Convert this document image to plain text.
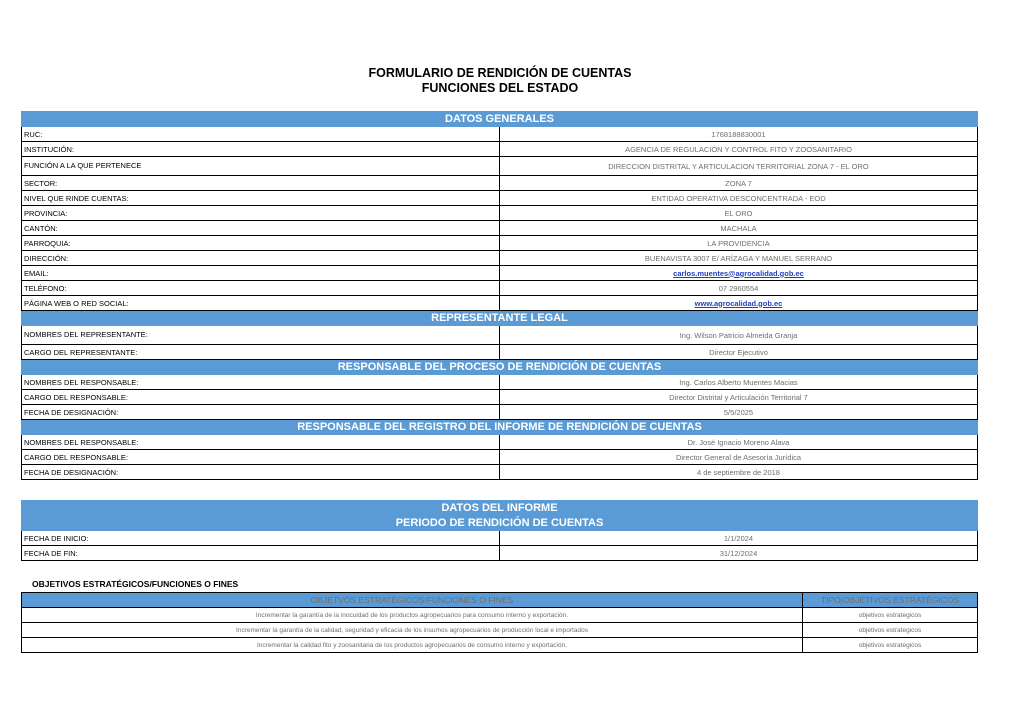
FORMULARIO DE RENDICIÓN DE CUENTAS
FUNCIONES DEL ESTADO
DATOS GENERALES	
RUC:	1768188830001
INSTITUCIÓN:	AGENCIA DE REGULACIÓN Y CONTROL FITO Y ZOOSANITARIO
FUNCIÓN A LA QUE PERTENECE	DIRECCION DISTRITAL Y ARTICULACION TERRITORIAL ZONA 7 - EL ORO
SECTOR:	ZONA 7
NIVEL QUE RINDE CUENTAS:	ENTIDAD OPERATIVA DESCONCENTRADA - EOD
PROVINCIA:	EL ORO
CANTÓN:	MACHALA
PARROQUIA:	LA PROVIDENCIA
DIRECCIÓN:	BUENAVISTA 3007 E/ ARÍZAGA Y MANUEL SERRANO
EMAIL:	carlos.muentes@agrocalidad.gob.ec
TELÉFONO:	07 2960554
PÁGINA WEB O RED SOCIAL:	www.agrocalidad.gob.ec
REPRESENTANTE LEGAL	
NOMBRES DEL REPRESENTANTE:	Ing. Wilson Patricio Almeida Granja
CARGO DEL REPRESENTANTE:	Director Ejecutivo
RESPONSABLE DEL PROCESO DE RENDICIÓN DE CUENTAS	
NOMBRES DEL RESPONSABLE:	Ing. Carlos Alberto Muentes Macias
CARGO DEL RESPONSABLE:	Director Distrital y Articulación Territorial 7
FECHA DE DESIGNACIÓN:	5/5/2025
RESPONSABLE DEL REGISTRO DEL INFORME DE RENDICIÓN DE CUENTAS	
NOMBRES DEL RESPONSABLE:	Dr. José Ignacio Moreno Alava
CARGO DEL RESPONSABLE:	Director General de Asesoría Jurídica
FECHA DE DESIGNACIÓN:	4 de septiembre de 2018
DATOS DEL INFORME	
PERIODO DE RENDICIÓN DE CUENTAS	
FECHA DE INICIO:	1/1/2024
FECHA DE FIN:	31/12/2024
OBJETIVOS ESTRATÉGICOS/FUNCIONES O FINES
OBJETVOS ESTRATÉGICOS/FUNCIONES O FINES	TIPO|OBJETIVOS ESTRATÉGICOS
Incrementar la garantía de la inocuidad de los productos agropecuarios para consumo interno y exportación.	objetivos estrategicos
Incrementar la garantía de la calidad, seguridad y eficacia de los insumos agropecuarios de producción local e importados	objetivos estrategicos
Incrementar la calidad fito y zoosanitaria de los productos agropecuarios de consumo interno y exportación.	objetivos estrategicos
